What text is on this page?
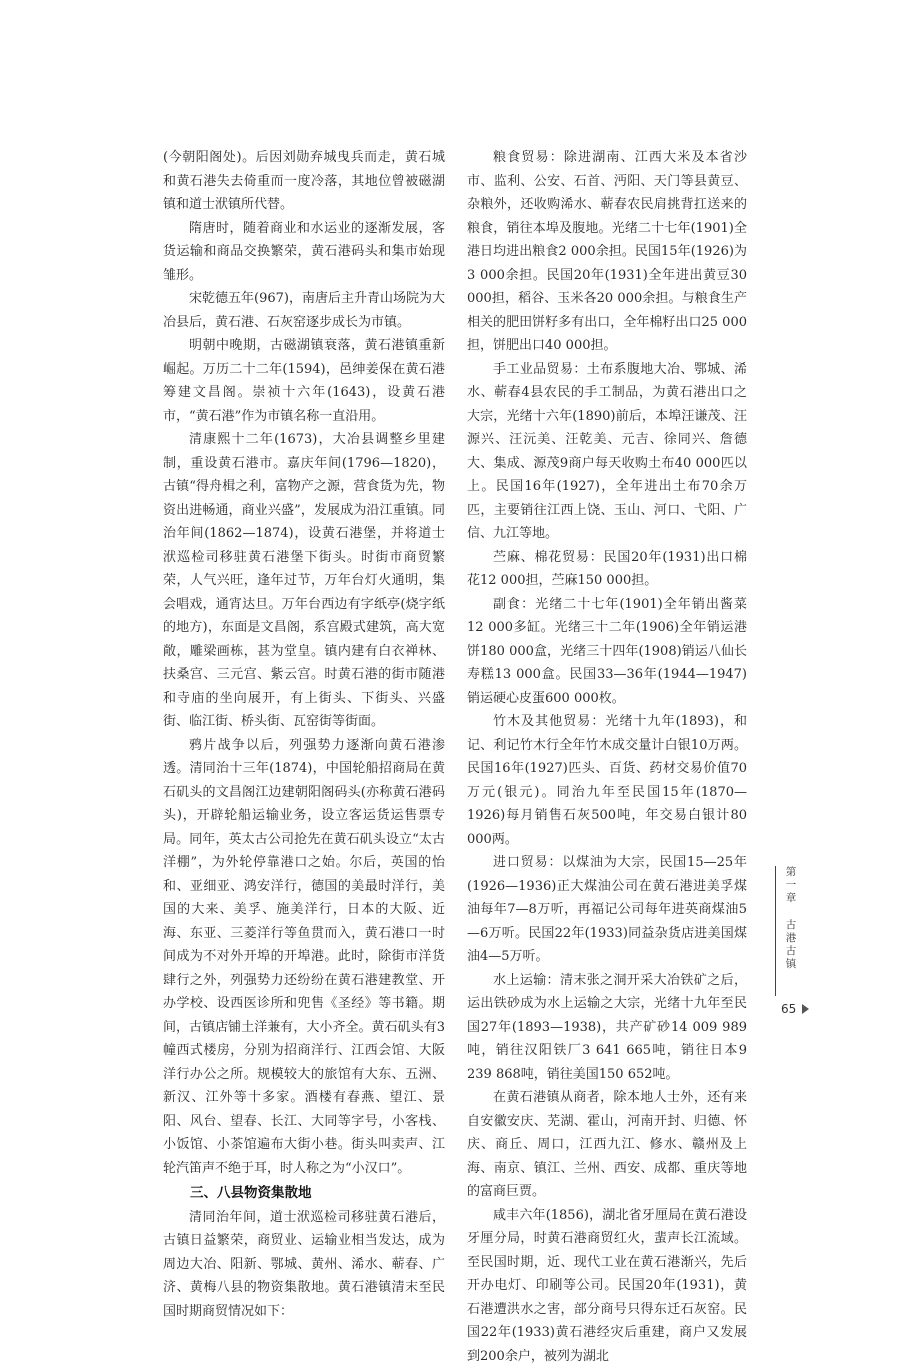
(今朝阳阁处)。后因刘勋弃城曳兵而走，黄石城和黄石港失去倚重而一度冷落，其地位曾被磁湖镇和道士洑镇所代替。

隋唐时，随着商业和水运业的逐渐发展，客货运输和商品交换繁荣，黄石港码头和集市始现雏形。

宋乾德五年(967)，南唐后主升青山场院为大冶县后，黄石港、石灰窑逐步成长为市镇。

明朝中晚期，古磁湖镇衰落，黄石港镇重新崛起。万历二十二年(1594)，邑绅姜保在黄石港筹建文昌阁。崇祯十六年(1643)，设黄石港市，“黄石港”作为市镇名称一直沿用。

清康熙十二年(1673)，大冶县调整乡里建制，重设黄石港市。嘉庆年间(1796—1820)，古镇“得舟楫之利，富物产之源，营食货为先，物资出进畅通，商业兴盛”，发展成为沿江重镇。同治年间(1862—1874)，设黄石港堡，并将道士洑巡检司移驻黄石港堡下街头。时街市商贸繁荣，人气兴旺，逢年过节，万年台灯火通明，集会唱戏，通宵达旦。万年台西边有字纸亭(烧字纸的地方)，东面是文昌阁，系宫殿式建筑，高大宽敞，雕梁画栋，甚为堂皇。镇内建有白衣禅林、扶桑宫、三元宫、紫云宫。时黄石港的街市随港和寺庙的坐向展开，有上街头、下街头、兴盛街、临江街、桥头街、瓦窑街等街面。

鸦片战争以后，列强势力逐渐向黄石港渗透。清同治十三年(1874)，中国轮船招商局在黄石矶头的文昌阁江边建朝阳阁码头(亦称黄石港码头)，开辟轮船运输业务，设立客运货运售票专局。同年，英太古公司抢先在黄石矶头设立“太古洋棚”，为外轮停靠港口之始。尔后，英国的怡和、亚细亚、鸿安洋行，德国的美最时洋行，美国的大来、美孚、施美洋行，日本的大阪、近海、东亚、三菱洋行等鱼贯而入，黄石港口一时间成为不对外开埠的开埠港。此时，除街市洋货肆行之外，列强势力还纷纷在黄石港建教堂、开办学校、设西医诊所和兜售《圣经》等书籍。期间，古镇店铺土洋兼有，大小齐全。黄石矶头有3幢西式楼房，分别为招商洋行、江西会馆、大阪洋行办公之所。规模较大的旅馆有大东、五洲、新汉、江外等十多家。酒楼有春燕、望江、景阳、风台、望春、长江、大同等字号，小客栈、小饭馆、小茶馆遍布大街小巷。街头叫卖声、江轮汽笛声不绝于耳，时人称之为“小汉口”。

三、八县物资集散地

清同治年间，道士洑巡检司移驻黄石港后，古镇日益繁荣，商贸业、运输业相当发达，成为周边大冶、阳新、鄂城、黄州、浠水、蕲春、广济、黄梅八县的物资集散地。黄石港镇清末至民国时期商贸情况如下：

粮食贸易：除进湖南、江西大米及本省沙市、监利、公安、石首、沔阳、天门等县黄豆、杂粮外，还收购浠水、蕲春农民肩挑背扛送来的粮食，销往本埠及腹地。光绪二十七年(1901)全港日均进出粮食2 000余担。民国15年(1926)为3 000余担。民国20年(1931)全年进出黄豆30 000担，稻谷、玉米各20 000余担。与粮食生产相关的肥田饼籽多有出口，全年棉籽出口25 000担，饼肥出口40 000担。

手工业品贸易：土布系腹地大冶、鄂城、浠水、蕲春4县农民的手工制品，为黄石港出口之大宗，光绪十六年(1890)前后，本埠汪谦茂、汪源兴、汪沅美、汪乾美、元吉、徐同兴、詹德大、集成、源茂9商户每天收购土布40 000匹以上。民国16年(1927)，全年进出土布70余万匹，主要销往江西上饶、玉山、河口、弋阳、广信、九江等地。

苎麻、棉花贸易：民国20年(1931)出口棉花12 000担，苎麻150 000担。

副食：光绪二十七年(1901)全年销出酱菜12 000多缸。光绪三十二年(1906)全年销运港饼180 000盒，光绪三十四年(1908)销运八仙长寿糕13 000盒。民国33—36年(1944—1947)销运硬心皮蛋600 000枚。

竹木及其他贸易：光绪十九年(1893)，和记、利记竹木行全年竹木成交量计白银10万两。民国16年(1927)匹头、百货、药材交易价值70万元(银元)。同治九年至民国15年(1870—1926)每月销售石灰500吨，年交易白银计80 000两。

进口贸易：以煤油为大宗，民国15—25年(1926—1936)正大煤油公司在黄石港进美孚煤油每年7—8万听，再福记公司每年进英商煤油5—6万听。民国22年(1933)同益杂货店进美国煤油4—5万听。

水上运输：清末张之洞开采大冶铁矿之后，运出铁砂成为水上运输之大宗，光绪十九年至民国27年(1893—1938)，共产矿砂14 009 989吨，销往汉阳铁厂3 641 665吨，销往日本9 239 868吨，销往美国150 652吨。

在黄石港镇从商者，除本地人士外，还有来自安徽安庆、芜湖、霍山，河南开封、归德、怀庆、商丘、周口，江西九江、修水、赣州及上海、南京、镇江、兰州、西安、成都、重庆等地的富商巨贾。

咸丰六年(1856)，湖北省牙厘局在黄石港设牙厘分局，时黄石港商贸红火，蜚声长江流域。至民国时期，近、现代工业在黄石港渐兴，先后开办电灯、印刷等公司。民国20年(1931)，黄石港遭洪水之害，部分商号只得东迁石灰窑。民国22年(1933)黄石港经灾后重建，商户又发展到200余户，被列为湖北

第
一
章
古
港
古
镇
65
